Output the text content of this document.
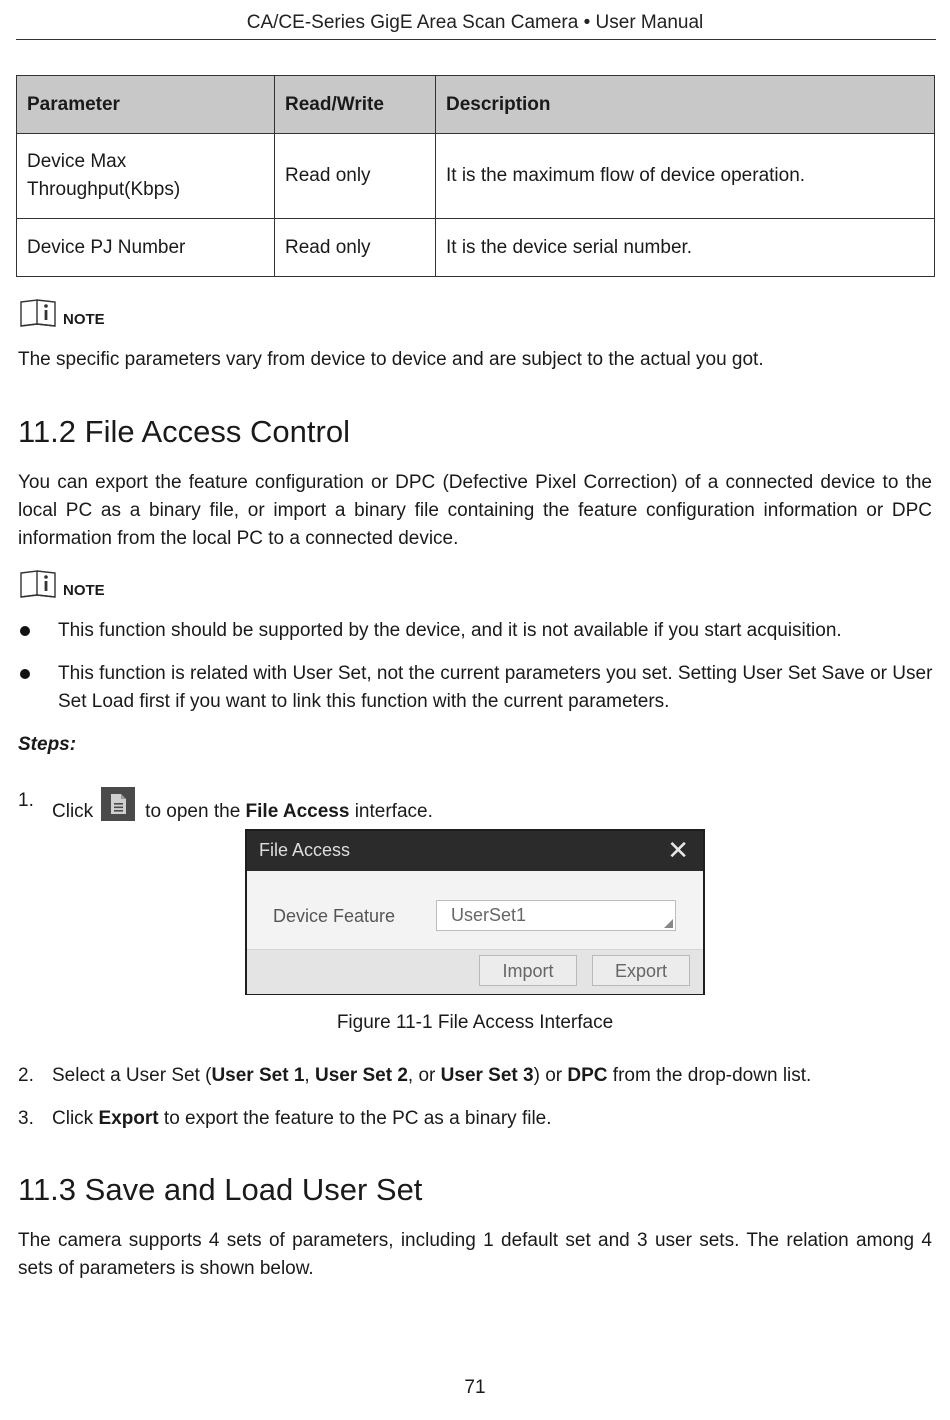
CA/CE-Series GigE Area Scan Camera • User Manual
Parameter	Read/Write	Description
Device Max
Throughput(Kbps)	Read only	It is the maximum flow of device operation.
Device PJ Number	Read only	It is the device serial number.
NOTE
The specific parameters vary from device to device and are subject to the actual you got.
11.2 File Access Control
You can export the feature configuration or DPC (Defective Pixel Correction) of a connected device to the local PC as a binary file, or import a binary file containing the feature configuration information or DPC information from the local PC to a connected device.
NOTE
This function should be supported by the device, and it is not available if you start acquisition.
This function is related with User Set, not the current parameters you set. Setting User Set Save or User Set Load first if you want to link this function with the current parameters.
Steps:
1.
Click	to open the File Access interface.
File Access	✕
Device Feature	UserSet1
Import	Export
Figure 11-1 File Access Interface
2. Select a User Set (User Set 1, User Set 2, or User Set 3) or DPC from the drop-down list.
3. Click Export to export the feature to the PC as a binary file.
11.3 Save and Load User Set
The camera supports 4 sets of parameters, including 1 default set and 3 user sets. The relation among 4 sets of parameters is shown below.
71
